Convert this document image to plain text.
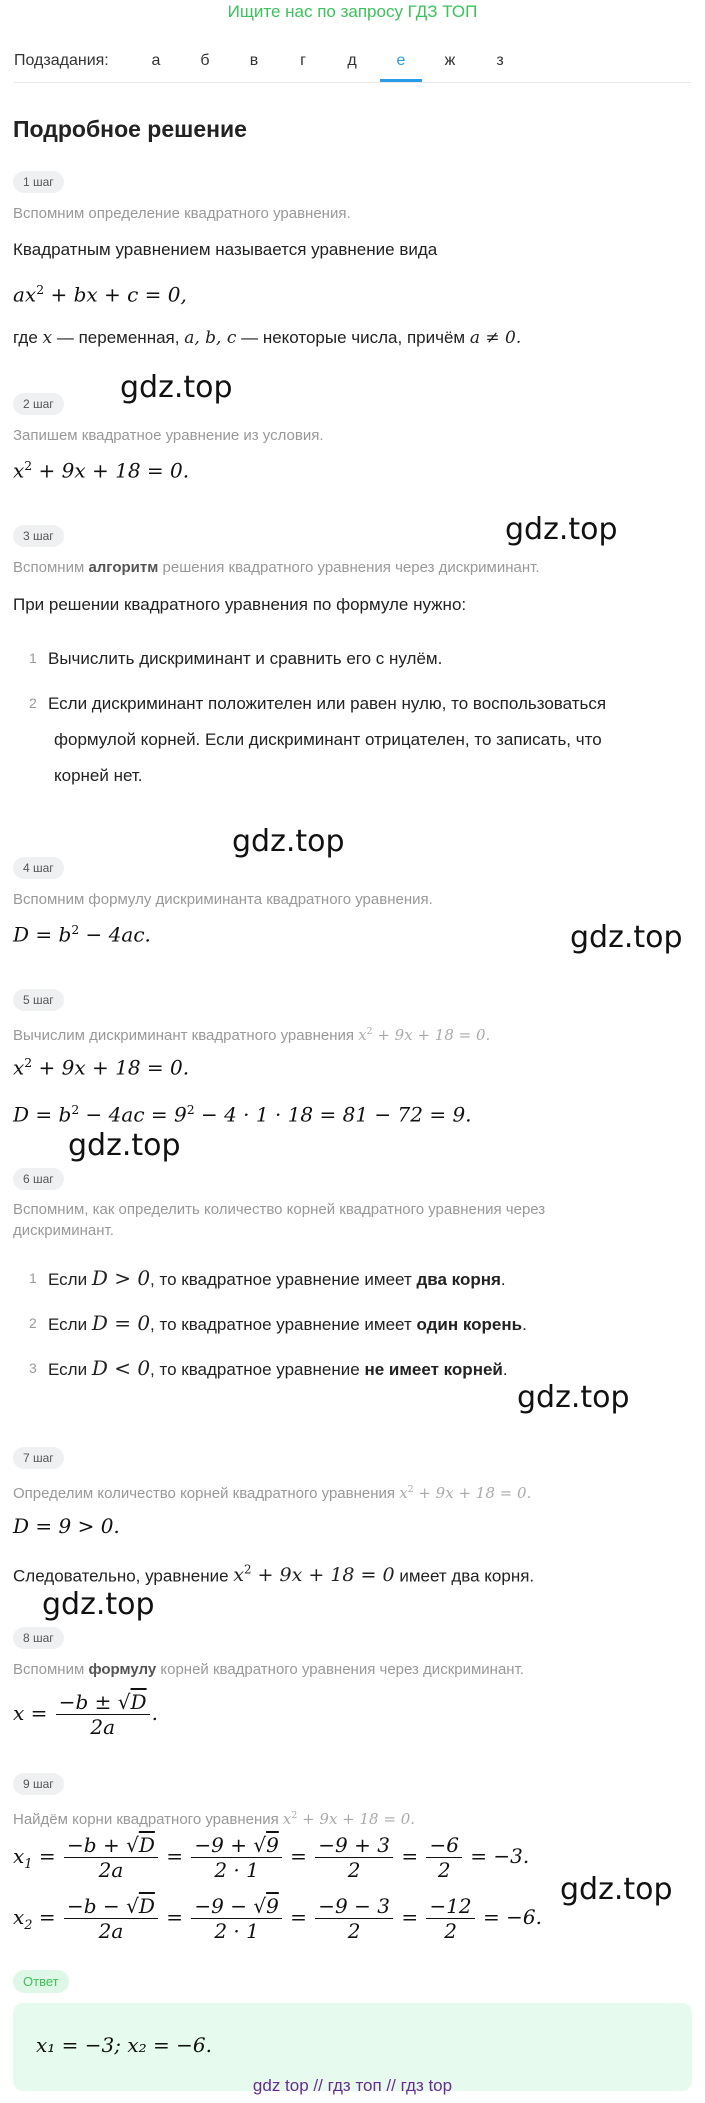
Ищите нас по запросу ГДЗ ТОП
Подзадания:	а	б	в	г	д	е	ж	з
Подробное решение
1 шаг
Вспомним определение квадратного уравнения.
Квадратным уравнением называется уравнение вида
$ax^2$ + bx + c = 0,
где x — переменная, a, b, c — некоторые числа, причём a ≠ 0.
gdz.top
2 шаг
Запишем квадратное уравнение из условия.
$x^2 + 9x + 18 = 0$.
3 шаг	gdz.top
Вспомним алгоритм решения квадратного уравнения через дискриминант.
При решении квадратного уравнения по формуле нужно:
1 Вычислить дискриминант и сравнить его с нулём.
2 Если дискриминант положителен или равен нулю, то воспользоваться
формулой корней. Если дискриминант отрицателен, то записать, что
корней нет.
gdz.top
4 шаг
Вспомним формулу дискриминанта квадратного уравнения.
$D = b^2 - 4ac$.	gdz.top
5 шаг
Вычислим дискриминант квадратного уравнения $x^2 + 9x + 18 = 0$.
$x^2 + 9x + 18 = 0$.
$D = b^2 - 4ac = 9^2 - 4 \cdot 1 \cdot 18 = 81 - 72 = 9$.
gdz.top
6 шаг
Вспомним, как определить количество корней квадратного уравнения через
дискриминант.
1 Если D > 0, то квадратное уравнение имеет два корня.
2 Если D = 0, то квадратное уравнение имеет один корень.
3 Если D < 0, то квадратное уравнение не имеет корней.
gdz.top
7 шаг
Определим количество корней квадратного уравнения $x^2 + 9x + 18 = 0$.
D = 9 > 0.
Следовательно, уравнение $x^2 + 9x + 18 = 0$ имеет два корня.
gdz.top
8 шаг
Вспомним формулу корней квадратного уравнения через дискриминант.
$x = \frac{-b \pm √D}{2a}$ .
9 шаг
Найдём корни квадратного уравнения $x^2 + 9x + 18 = 0$.
$x_1 = \frac{-b + √D}{2a} = \frac{-9 + √9}{2 \cdot 1} = \frac{-9 + 3}{2} = \frac{-6}{2} = -3$.
gdz.top
$x_2 = \frac{-b - √D}{2a} = \frac{-9 - √9}{2 \cdot 1} = \frac{-9 - 3}{2} = \frac{-12}{2} = -6$.
Ответ
x₁ = −3; x₂ = −6.
gdz top // гдз топ // гдз top
